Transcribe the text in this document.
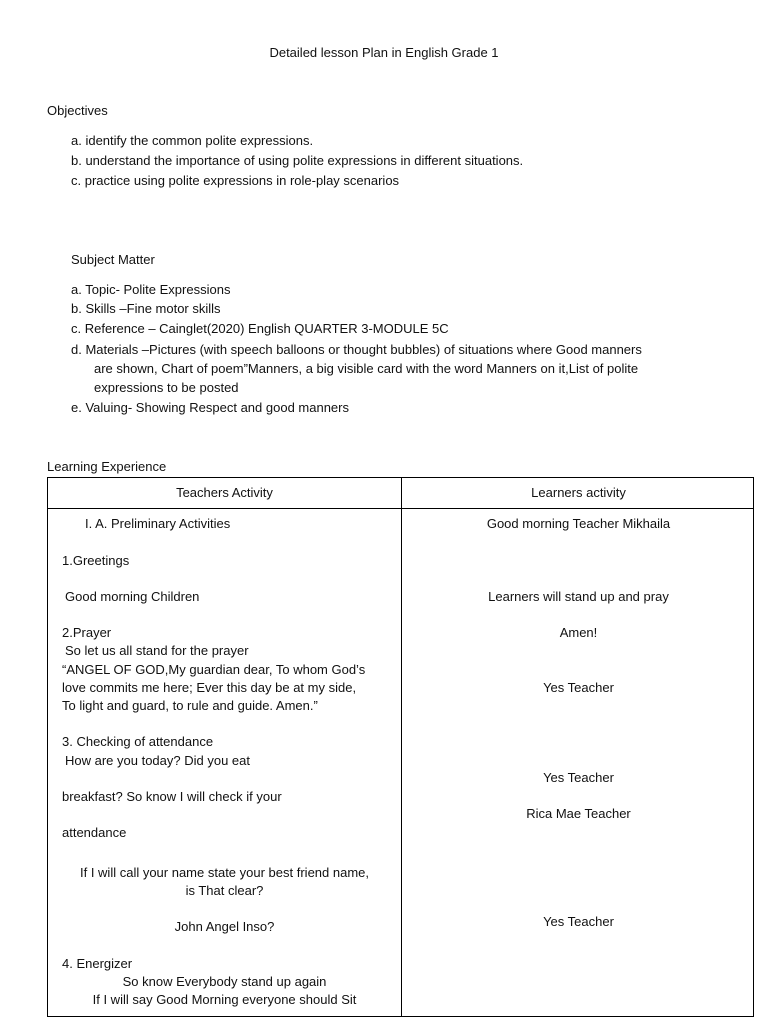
Detailed lesson Plan in English Grade 1
Objectives
a. identify the common polite expressions.
b. understand the importance of using polite expressions in different situations.
c. practice using polite expressions in role-play scenarios
Subject Matter
a. Topic- Polite Expressions
b. Skills –Fine motor skills
c. Reference – Cainglet(2020) English QUARTER 3-MODULE 5C
d. Materials –Pictures (with speech balloons or thought bubbles) of situations where Good manners
are shown, Chart of poem”Manners, a big visible card with the word Manners on it,List of polite
expressions to be posted
e. Valuing- Showing Respect and good manners
Learning Experience
Teachers Activity	Learners activity
I. A. Preliminary Activities
1.Greetings
Good morning Children
2.Prayer
So let us all stand for the prayer
“ANGEL OF GOD,My guardian dear, To whom God’s
love commits me here; Ever this day be at my side,
To light and guard, to rule and guide. Amen.”
3. Checking of attendance
How are you today? Did you eat
breakfast? So know I will check if your
attendance
If I will call your name state your best friend name,
is That clear?
John Angel Inso?
4. Energizer
So know Everybody stand up again
If I will say Good Morning everyone should Sit
Good morning Teacher Mikhaila
Learners will stand up and pray
Amen!
Yes Teacher
Yes Teacher
Rica Mae Teacher
Yes Teacher
